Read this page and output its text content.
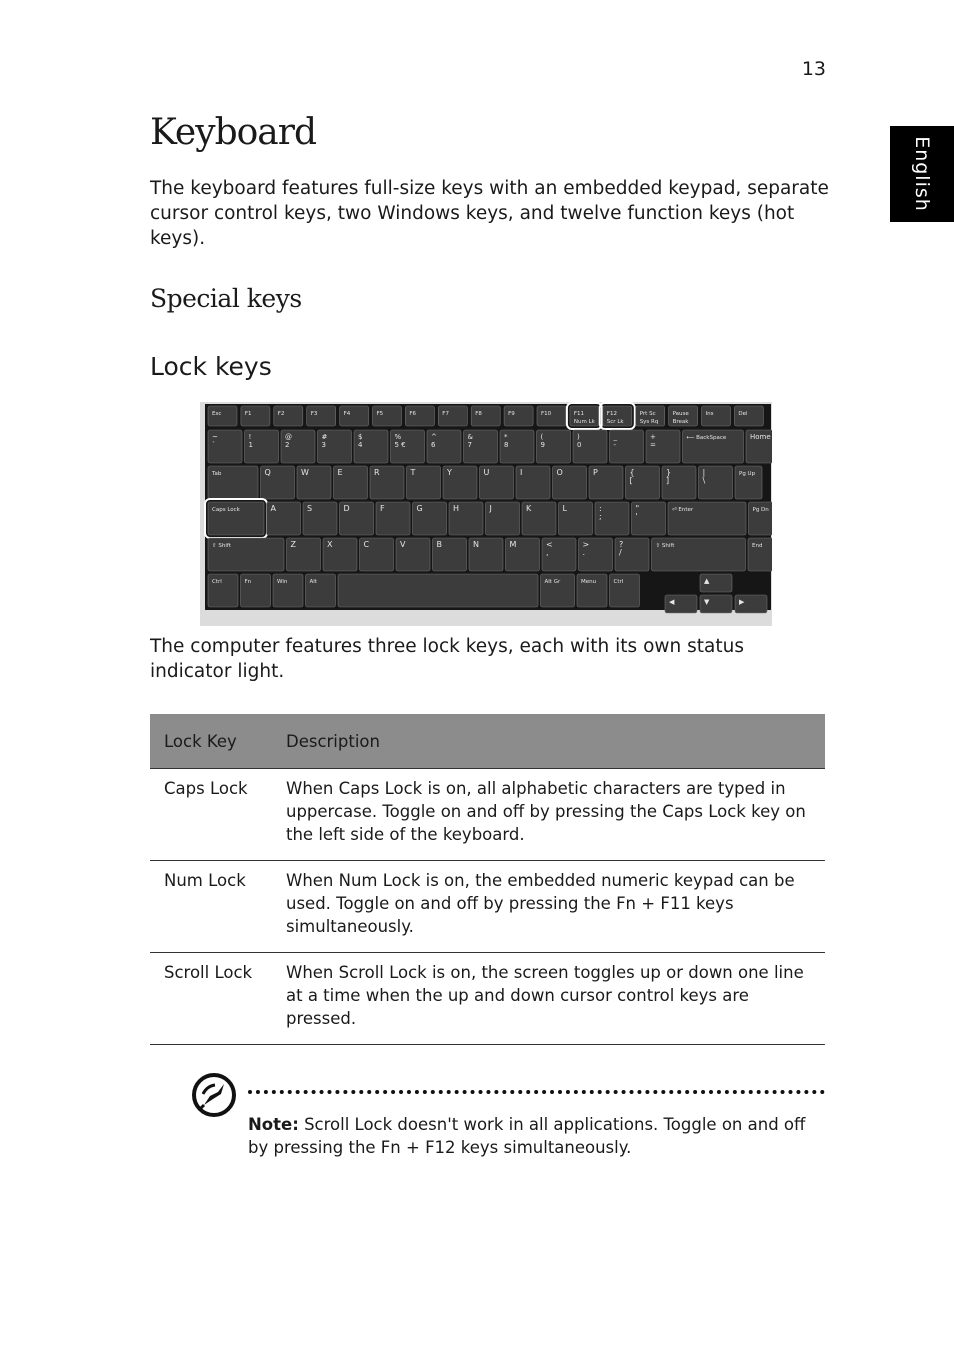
13
English
Keyboard

The keyboard features full-size keys with an embedded keypad, separate cursor control keys, two Windows keys, and twelve function keys (hot keys).

Special keys
Lock keys
Esc	F1	F2	F3	F4	F5	F6	F7	F8	F9	F10	F11
Num Lk
F12
Scr Lk
Prt Sc
Sys Rq
Pause
Break
Ins	Del
~
`
!
1
@
2
#
3
$
4
%
5 €
^
6
&
7
*
8
(
9
)
0
_
-
+
=
⟵ BackSpace	Home
Tab	Q	W	E	R	T	Y	U	I	O	P	{
[
}
]
|
\
Pg Up
Caps Lock	A	S	D	F	G	H	J	K	L	:
;
"
'
⏎ Enter	Pg Dn
⇧ Shift	Z	X	C	V	B	N	M	<
,
>
.
?
/
⇧ Shift	End
Ctrl	Fn	Win	Alt	Alt Gr	Menu	Ctrl	▲
◀	▼	▶

The computer features three lock keys, each with its own status indicator light.

Lock Key	Description
Caps Lock	When Caps Lock is on, all alphabetic characters are typed in uppercase. Toggle on and off by pressing the Caps Lock key on the left side of the keyboard.
Num Lock	When Num Lock is on, the embedded numeric keypad can be used. Toggle on and off by pressing the Fn + F11 keys simultaneously.
Scroll Lock	When Scroll Lock is on, the screen toggles up or down one line at a time when the up and down cursor control keys are pressed.

Note: Scroll Lock doesn't work in all applications. Toggle on and off by pressing the Fn + F12 keys simultaneously.
